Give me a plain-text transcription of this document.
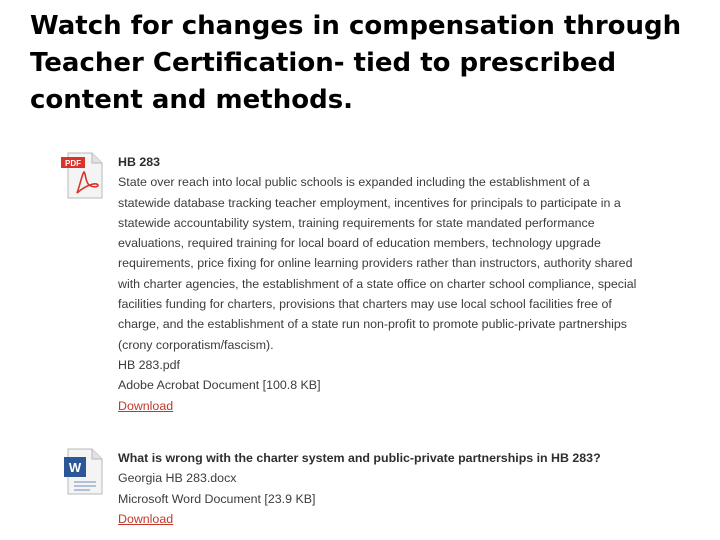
Watch for changes in compensation through Teacher Certification- tied to prescribed content and methods.
PDF	HB 283
State over reach into local public schools is expanded including the establishment of a statewide database tracking teacher employment, incentives for principals to participate in a statewide accountability system, training requirements for state mandated performance evaluations, required training for local board of education members, technology upgrade requirements, price fixing for online learning providers rather than instructors, authority shared with charter agencies, the establishment of a state office on charter school compliance, special facilities funding for charters, provisions that charters may use local school facilities free of charge, and the establishment of a state run non-profit to promote public-private partnerships (crony corporatism/fascism).
HB 283.pdf
Adobe Acrobat Document [100.8 KB]
Download
W
What is wrong with the charter system and public-private partnerships in HB 283?
Georgia HB 283.docx
Microsoft Word Document [23.9 KB]
Download
